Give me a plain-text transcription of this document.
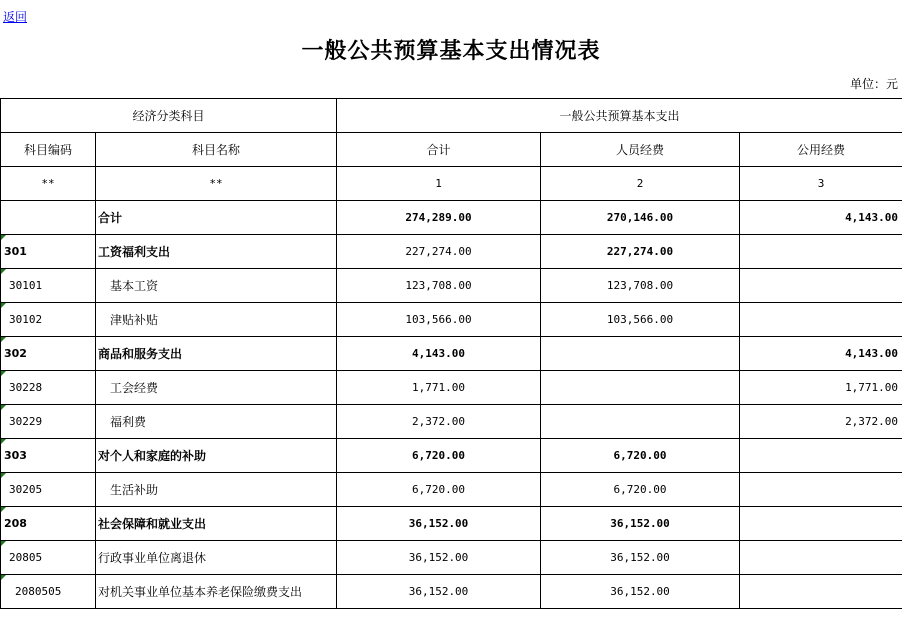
返回
一般公共预算基本支出情况表
单位：元
经济分类科目		一般公共预算基本支出		
科目编码	科目名称	合计	人员经费	公用经费
**	**	1	2	3
	合计	274,289.00	270,146.00	4,143.00

301	工资福利支出	227,274.00	227,274.00	

30101	基本工资	123,708.00	123,708.00	

30102	津贴补贴	103,566.00	103,566.00	

302	商品和服务支出	4,143.00		4,143.00

30228	工会经费	1,771.00		1,771.00

30229	福利费	2,372.00		2,372.00

303	对个人和家庭的补助	6,720.00	6,720.00	

30205	生活补助	6,720.00	6,720.00	

208	社会保障和就业支出	36,152.00	36,152.00	

20805	行政事业单位离退休	36,152.00	36,152.00	

2080505	对机关事业单位基本养老保险缴费支出	36,152.00	36,152.00	
